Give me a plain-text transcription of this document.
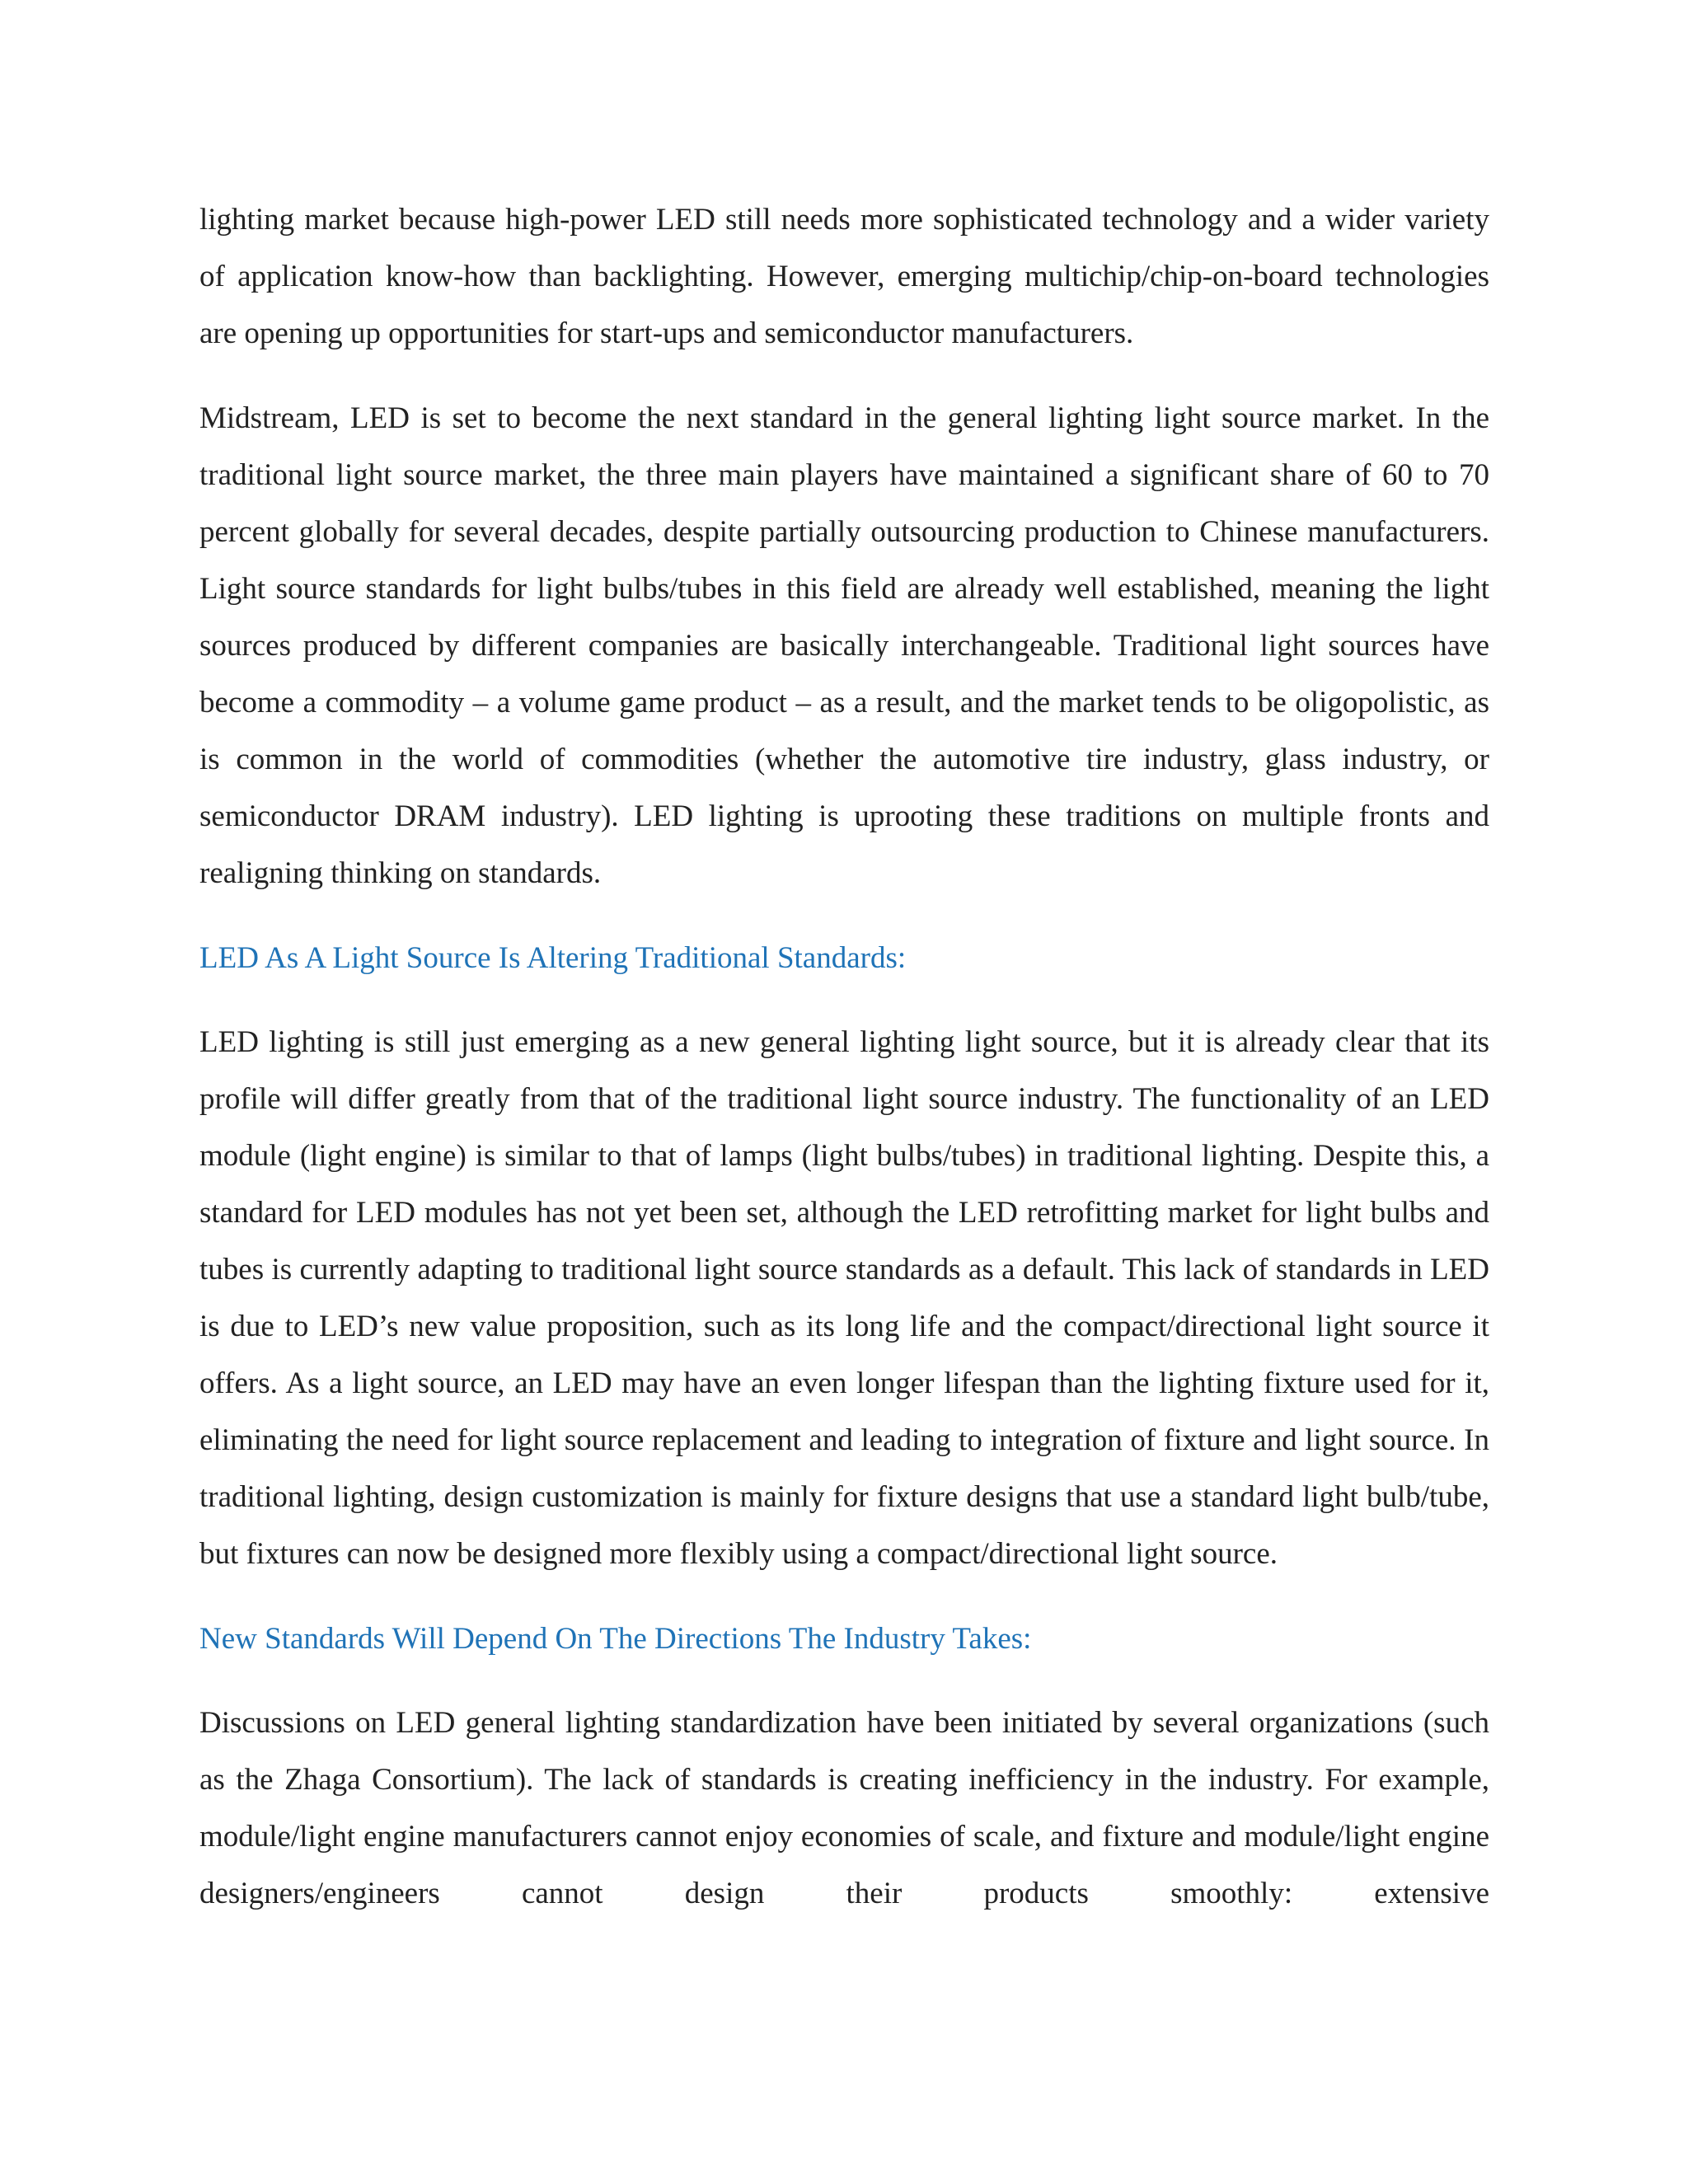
lighting market because high-power LED still needs more sophisticated technology and a wider variety of application know-how than backlighting. However, emerging multichip/chip-on-board technologies are opening up opportunities for start-ups and semiconductor manufacturers.

Midstream, LED is set to become the next standard in the general lighting light source market. In the traditional light source market, the three main players have maintained a significant share of 60 to 70 percent globally for several decades, despite partially outsourcing production to Chinese manufacturers. Light source standards for light bulbs/tubes in this field are already well established, meaning the light sources produced by different companies are basically interchangeable. Traditional light sources have become a commodity – a volume game product – as a result, and the market tends to be oligopolistic, as is common in the world of commodities (whether the automotive tire industry, glass industry, or semiconductor DRAM industry). LED lighting is uprooting these traditions on multiple fronts and realigning thinking on standards.

LED As A Light Source Is Altering Traditional Standards:

LED lighting is still just emerging as a new general lighting light source, but it is already clear that its profile will differ greatly from that of the traditional light source industry. The functionality of an LED module (light engine) is similar to that of lamps (light bulbs/tubes) in traditional lighting. Despite this, a standard for LED modules has not yet been set, although the LED retrofitting market for light bulbs and tubes is currently adapting to traditional light source standards as a default. This lack of standards in LED is due to LED’s new value proposition, such as its long life and the compact/directional light source it offers. As a light source, an LED may have an even longer lifespan than the lighting fixture used for it, eliminating the need for light source replacement and leading to integration of fixture and light source. In traditional lighting, design customization is mainly for fixture designs that use a standard light bulb/tube, but fixtures can now be designed more flexibly using a compact/directional light source.

New Standards Will Depend On The Directions The Industry Takes:

Discussions on LED general lighting standardization have been initiated by several organizations (such as the Zhaga Consortium). The lack of standards is creating inefficiency in the industry. For example, module/light engine manufacturers cannot enjoy economies of scale, and fixture and module/light engine designers/engineers cannot design their products smoothly: extensive
